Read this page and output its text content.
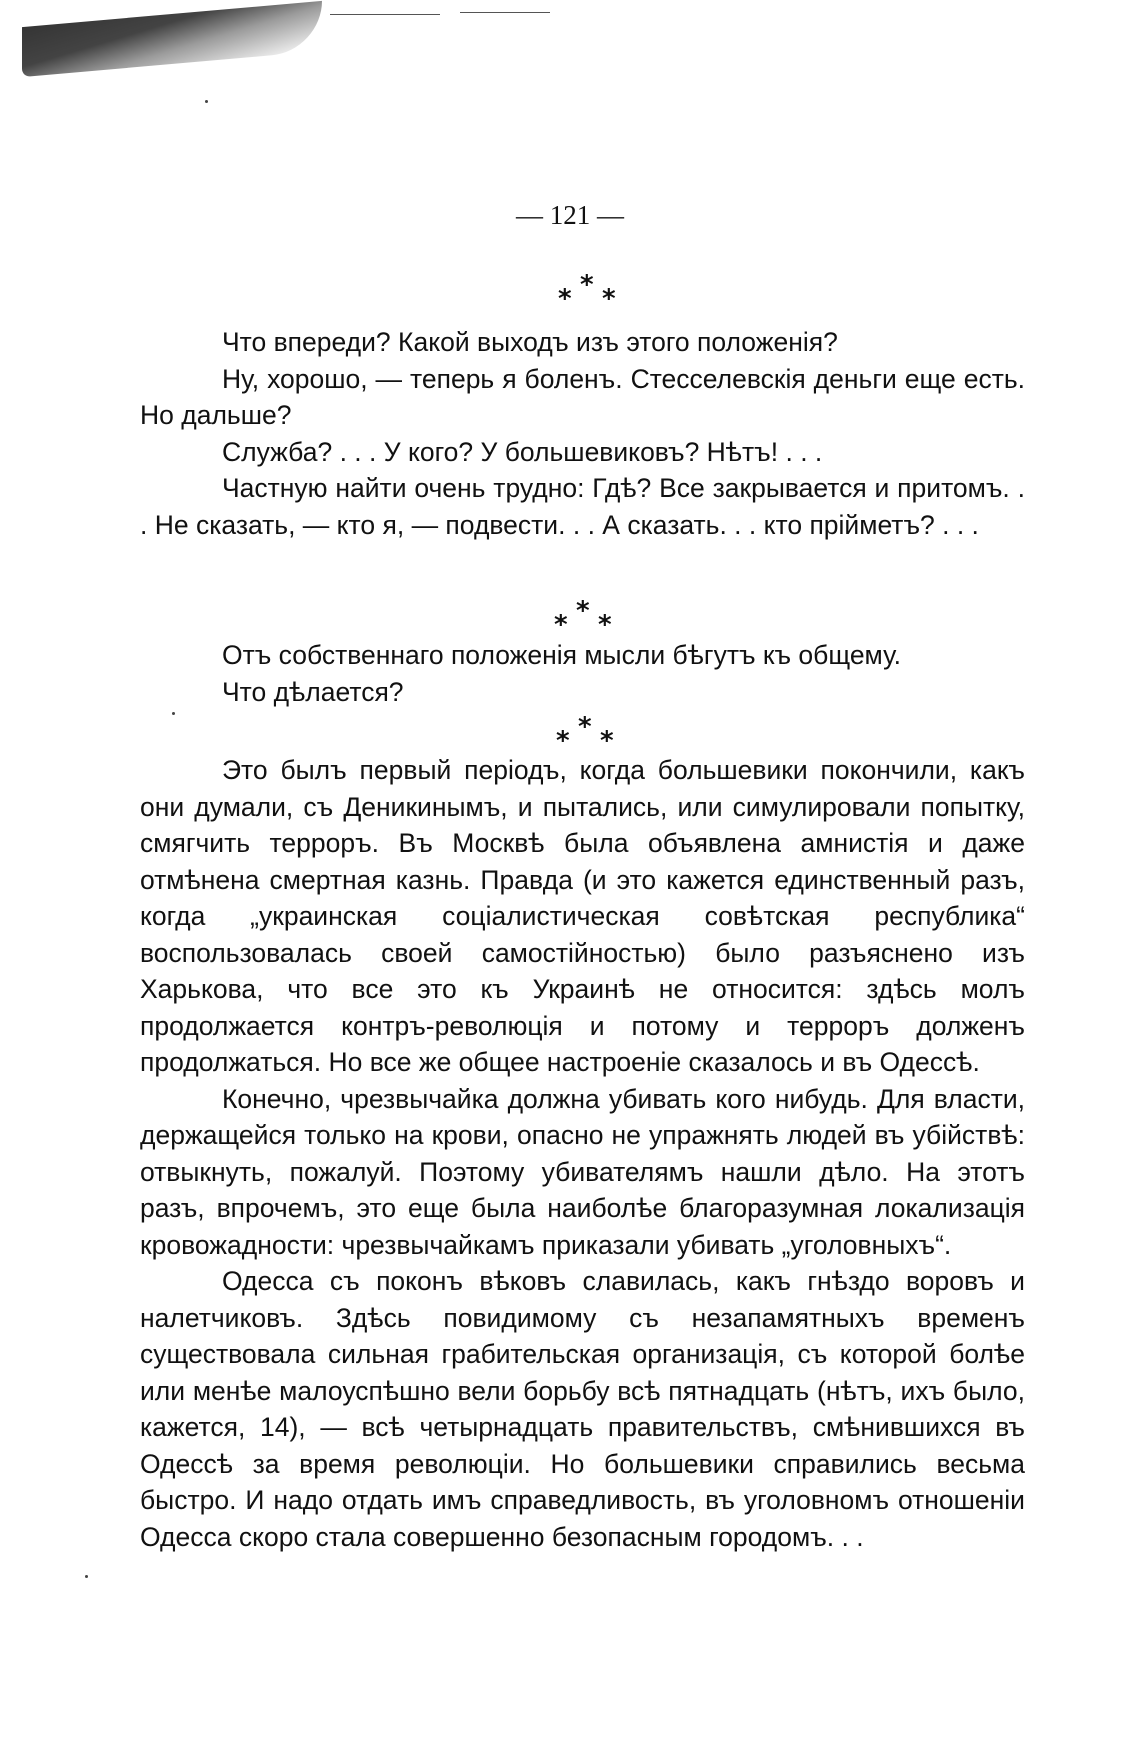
— 121 —
* * *

Что впереди? Какой выходъ изъ этого положенія?

Ну, хорошо, — теперь я боленъ. Стесселевскія деньги еще есть. Но дальше?

Служба? . . . У кого? У большевиковъ? Нѣтъ! . . .

Частную найти очень трудно: Гдѣ? Все закрывается и притомъ. . . Не сказать, — кто я, — подвести. . . А сказать. . . кто прійметъ? . . .

* * *

Отъ собственнаго положенія мысли бѣгутъ къ общему.

Что дѣлается?

* * *

Это былъ первый періодъ, когда большевики покончили, какъ они думали, съ Деникинымъ, и пытались, или симулировали попытку, смягчить терроръ. Въ Москвѣ была объявлена амнистія и даже отмѣнена смертная казнь. Правда (и это кажется единственный разъ, когда „украинская соціалистическая совѣтская республика“ воспользовалась своей самостійностью) было разъяснено изъ Харькова, что все это къ Украинѣ не относится: здѣсь молъ продолжается контръ-революція и потому и терроръ долженъ продолжаться. Но все же общее настроеніе сказалось и въ Одессѣ.

Конечно, чрезвычайка должна убивать кого нибудь. Для власти, держащейся только на крови, опасно не упражнять людей въ убійствѣ: отвыкнуть, пожалуй. Поэтому убивателямъ нашли дѣло. На этотъ разъ, впрочемъ, это еще была наиболѣе благоразумная локализація кровожадности: чрезвычайкамъ приказали убивать „уголовныхъ“.

Одесса съ поконъ вѣковъ славилась, какъ гнѣздо воровъ и налетчиковъ. Здѣсь повидимому съ незапамятныхъ временъ существовала сильная грабительская организація, съ которой болѣе или менѣе малоуспѣшно вели борьбу всѣ пятнадцать (нѣтъ, ихъ было, кажется, 14), — всѣ четырнадцать правительствъ, смѣнившихся въ Одессѣ за время революціи. Но большевики справились весьма быстро. И надо отдать имъ справедливость, въ уголовномъ отношеніи Одесса скоро стала совершенно безопасным городомъ. . .
